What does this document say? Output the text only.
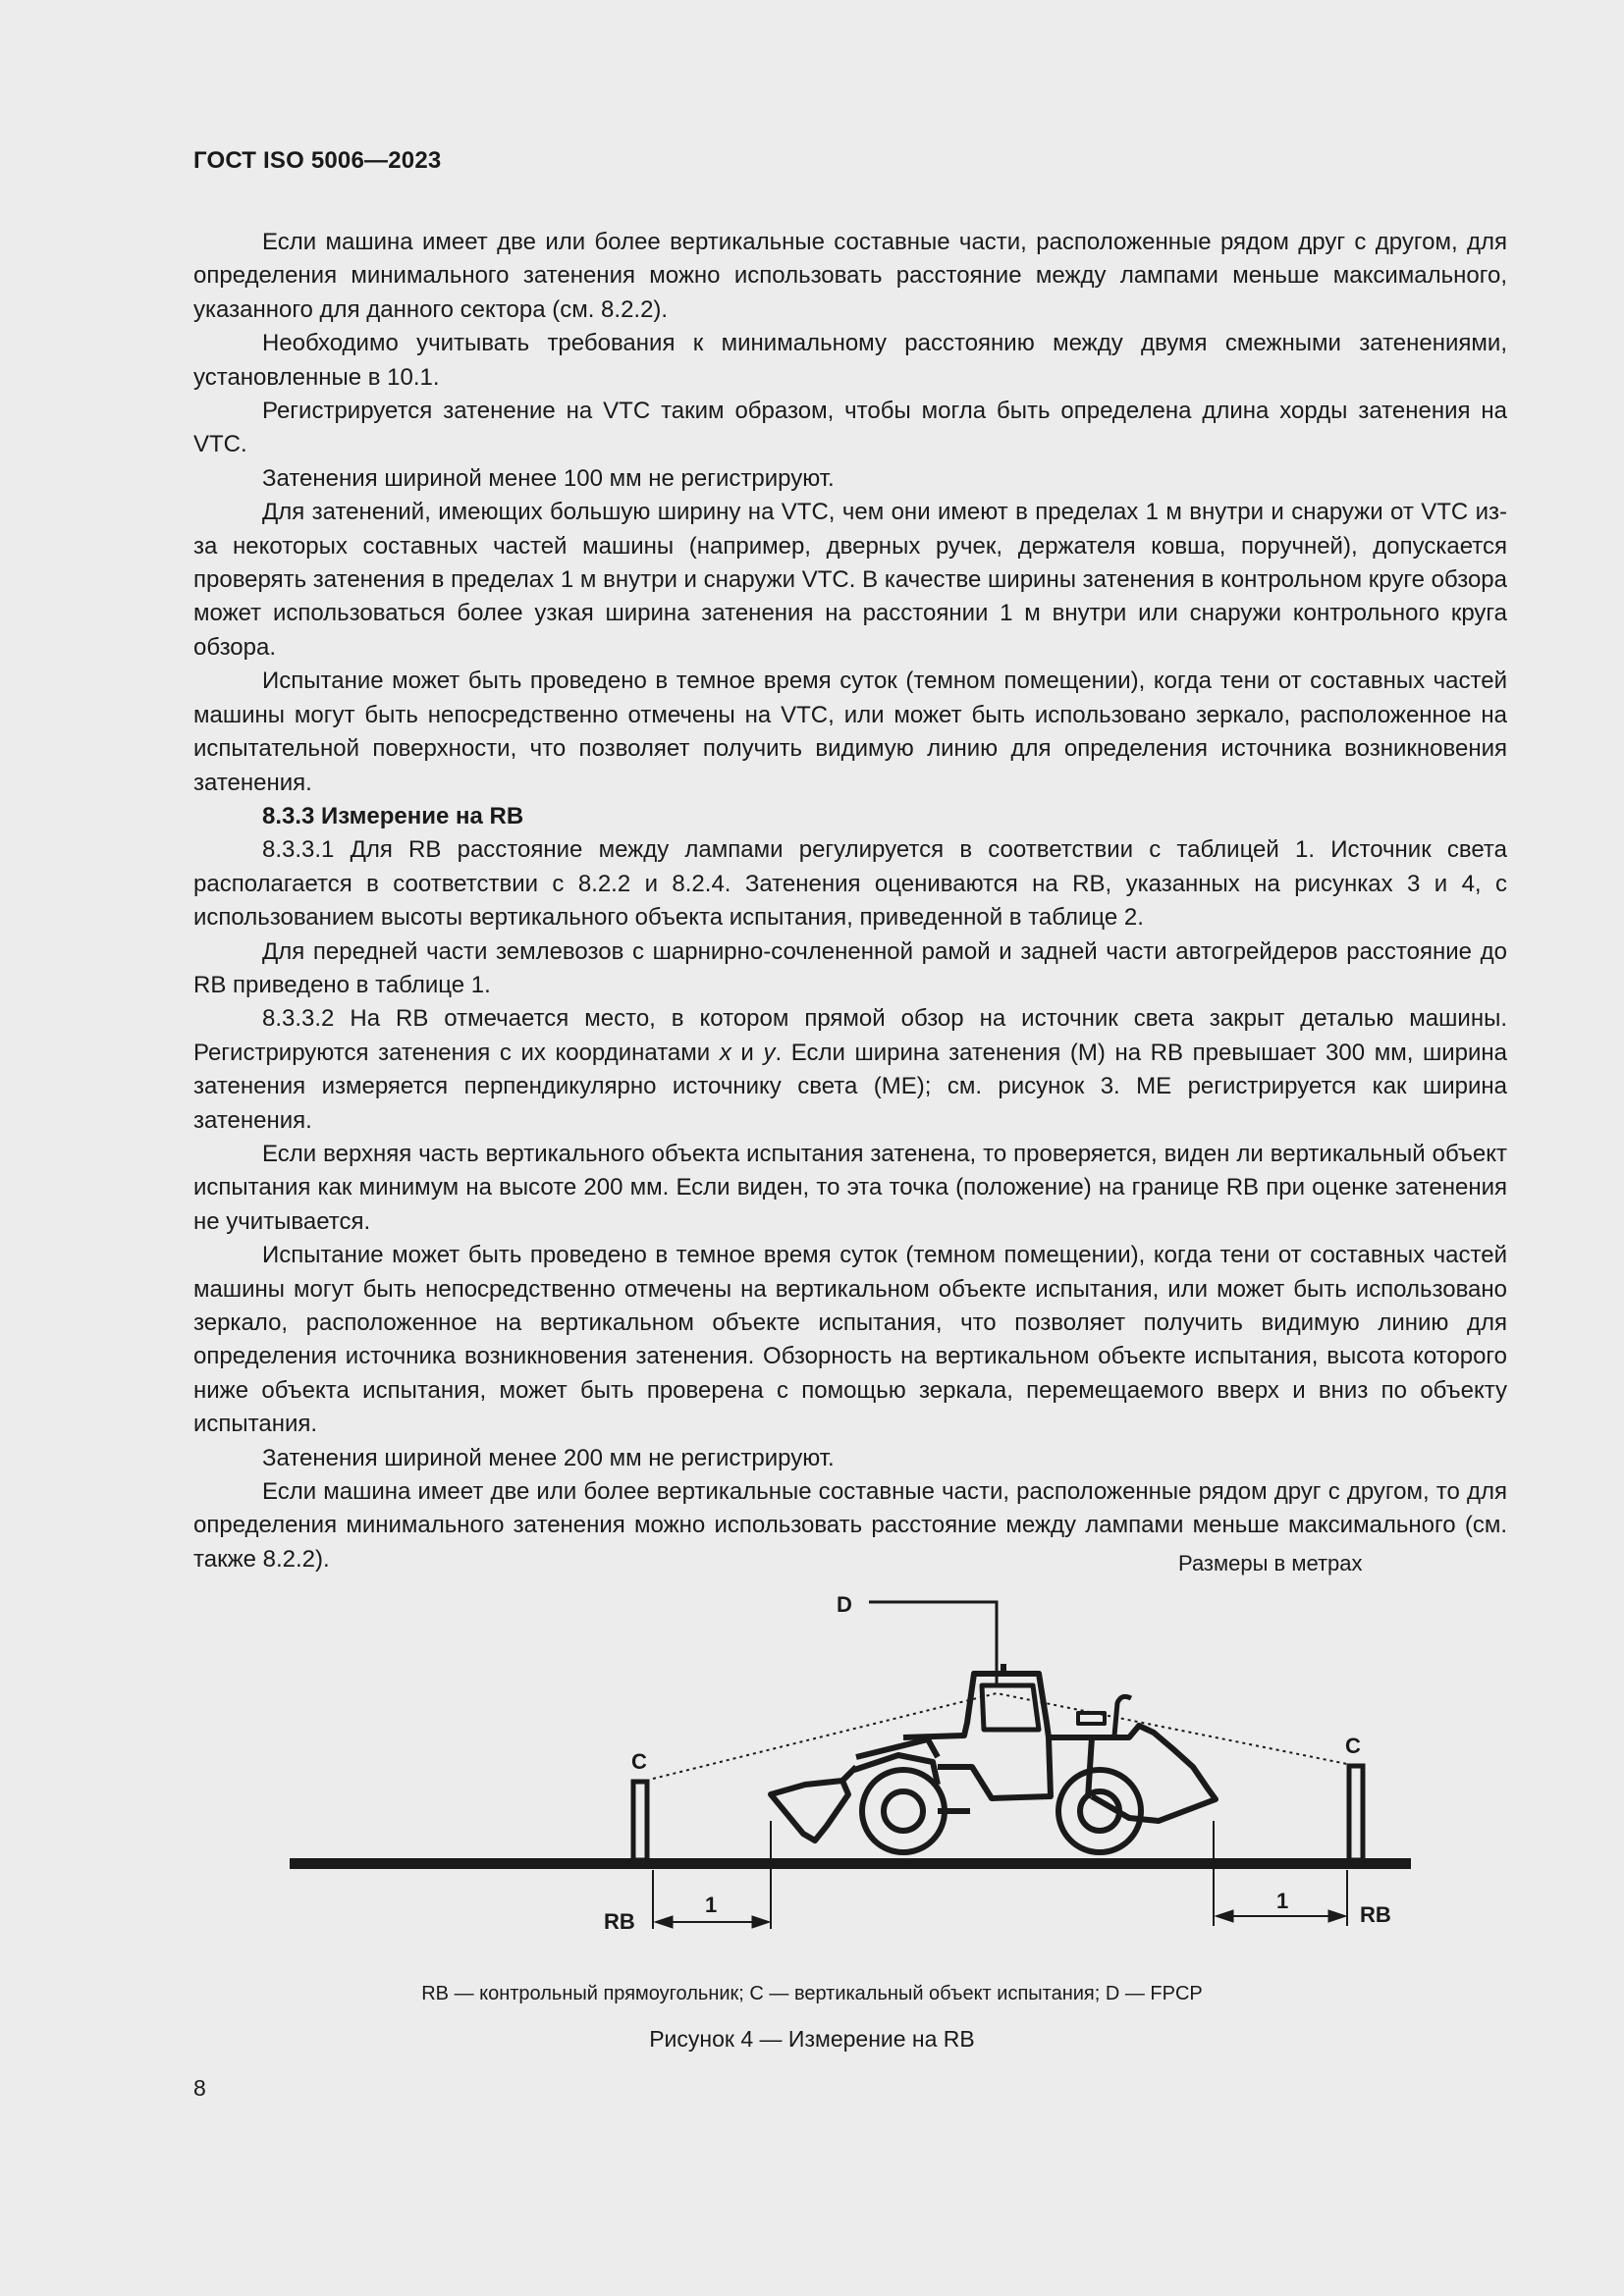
ГОСТ ISO 5006—2023

Если машина имеет две или более вертикальные составные части, расположенные рядом друг с другом, для определения минимального затенения можно использовать расстояние между лампами меньше максимального, указанного для данного сектора (см. 8.2.2).

Необходимо учитывать требования к минимальному расстоянию между двумя смежными затенениями, установленные в 10.1.

Регистрируется затенение на VTC таким образом, чтобы могла быть определена длина хорды затенения на VTC.

Затенения шириной менее 100 мм не регистрируют.

Для затенений, имеющих большую ширину на VTC, чем они имеют в пределах 1 м внутри и снаружи от VTC из-за некоторых составных частей машины (например, дверных ручек, держателя ковша, поручней), допускается проверять затенения в пределах 1 м внутри и снаружи VTC. В качестве ширины затенения в контрольном круге обзора может использоваться более узкая ширина затенения на расстоянии 1 м внутри или снаружи контрольного круга обзора.

Испытание может быть проведено в темное время суток (темном помещении), когда тени от составных частей машины могут быть непосредственно отмечены на VTC, или может быть использовано зеркало, расположенное на испытательной поверхности, что позволяет получить видимую линию для определения источника возникновения затенения.

8.3.3 Измерение на RB

8.3.3.1 Для RB расстояние между лампами регулируется в соответствии с таблицей 1. Источник света располагается в соответствии с 8.2.2 и 8.2.4. Затенения оцениваются на RB, указанных на рисунках 3 и 4, с использованием высоты вертикального объекта испытания, приведенной в таблице 2.

Для передней части землевозов с шарнирно-сочлененной рамой и задней части автогрейдеров расстояние до RB приведено в таблице 1.

8.3.3.2 На RB отмечается место, в котором прямой обзор на источник света закрыт деталью машины. Регистрируются затенения с их координатами x и y. Если ширина затенения (М) на RB превышает 300 мм, ширина затенения измеряется перпендикулярно источнику света (ME); см. рисунок 3. ME регистрируется как ширина затенения.

Если верхняя часть вертикального объекта испытания затенена, то проверяется, виден ли вертикальный объект испытания как минимум на высоте 200 мм. Если виден, то эта точка (положение) на границе RB при оценке затенения не учитывается.

Испытание может быть проведено в темное время суток (темном помещении), когда тени от составных частей машины могут быть непосредственно отмечены на вертикальном объекте испытания, или может быть использовано зеркало, расположенное на вертикальном объекте испытания, что позволяет получить видимую линию для определения источника возникновения затенения. Обзорность на вертикальном объекте испытания, высота которого ниже объекта испытания, может быть проверена с помощью зеркала, перемещаемого вверх и вниз по объекту испытания.

Затенения шириной менее 200 мм не регистрируют.

Если машина имеет две или более вертикальные составные части, расположенные рядом друг с другом, то для определения минимального затенения можно использовать расстояние между лампами меньше максимального (см. также 8.2.2).	Размеры в метрах
D
C
C
1
RB
1
RB
RB — контрольный прямоугольник; C — вертикальный объект испытания; D — FPCP
Рисунок 4 — Измерение на RB
8
